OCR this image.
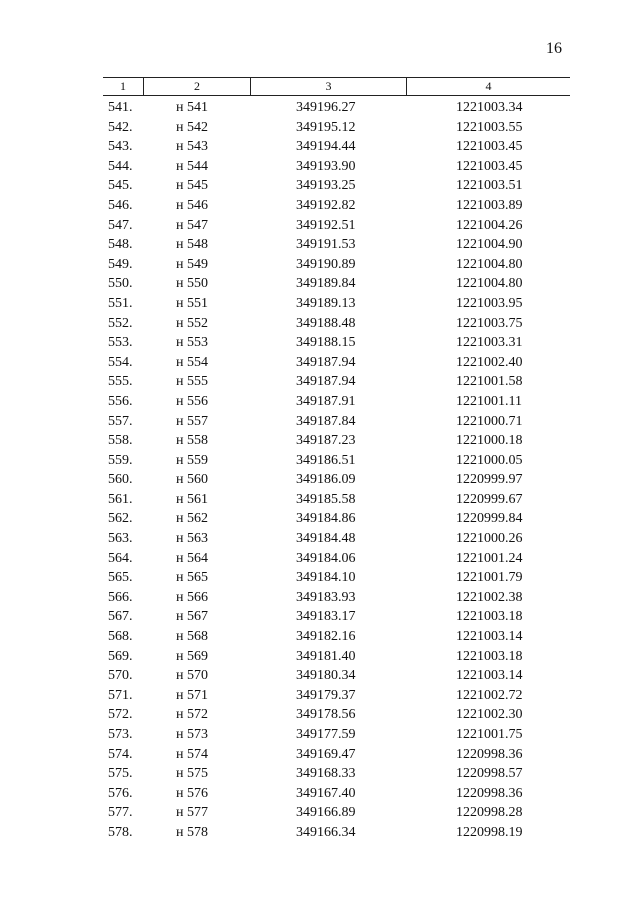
16
1	2	3	4
541.	н 541	349196.27	1221003.34
542.	н 542	349195.12	1221003.55
543.	н 543	349194.44	1221003.45
544.	н 544	349193.90	1221003.45
545.	н 545	349193.25	1221003.51
546.	н 546	349192.82	1221003.89
547.	н 547	349192.51	1221004.26
548.	н 548	349191.53	1221004.90
549.	н 549	349190.89	1221004.80
550.	н 550	349189.84	1221004.80
551.	н 551	349189.13	1221003.95
552.	н 552	349188.48	1221003.75
553.	н 553	349188.15	1221003.31
554.	н 554	349187.94	1221002.40
555.	н 555	349187.94	1221001.58
556.	н 556	349187.91	1221001.11
557.	н 557	349187.84	1221000.71
558.	н 558	349187.23	1221000.18
559.	н 559	349186.51	1221000.05
560.	н 560	349186.09	1220999.97
561.	н 561	349185.58	1220999.67
562.	н 562	349184.86	1220999.84
563.	н 563	349184.48	1221000.26
564.	н 564	349184.06	1221001.24
565.	н 565	349184.10	1221001.79
566.	н 566	349183.93	1221002.38
567.	н 567	349183.17	1221003.18
568.	н 568	349182.16	1221003.14
569.	н 569	349181.40	1221003.18
570.	н 570	349180.34	1221003.14
571.	н 571	349179.37	1221002.72
572.	н 572	349178.56	1221002.30
573.	н 573	349177.59	1221001.75
574.	н 574	349169.47	1220998.36
575.	н 575	349168.33	1220998.57
576.	н 576	349167.40	1220998.36
577.	н 577	349166.89	1220998.28
578.	н 578	349166.34	1220998.19
